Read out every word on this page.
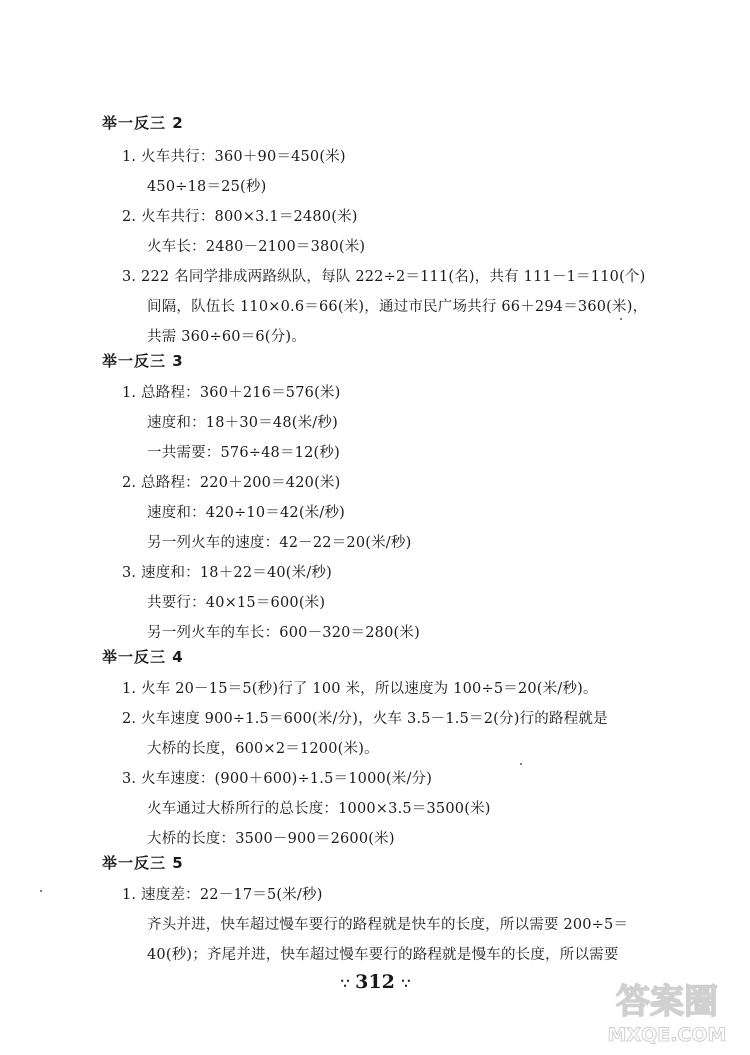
举一反三 2
1. 火车共行：360＋90＝450(米)
450÷18＝25(秒)
2. 火车共行：800×3.1＝2480(米)
火车长：2480－2100＝380(米)
3. 222 名同学排成两路纵队，每队 222÷2＝111(名)，共有 111－1＝110(个)
间隔，队伍长 110×0.6＝66(米)，通过市民广场共行 66＋294＝360(米)，
共需 360÷60＝6(分)。
举一反三 3
1. 总路程：360＋216＝576(米)
速度和：18＋30＝48(米/秒)
一共需要：576÷48＝12(秒)
2. 总路程：220＋200＝420(米)
速度和：420÷10＝42(米/秒)
另一列火车的速度：42－22＝20(米/秒)
3. 速度和：18＋22＝40(米/秒)
共要行：40×15＝600(米)
另一列火车的车长：600－320＝280(米)
举一反三 4
1. 火车 20－15＝5(秒)行了 100 米，所以速度为 100÷5＝20(米/秒)。
2. 火车速度 900÷1.5＝600(米/分)，火车 3.5－1.5＝2(分)行的路程就是
大桥的长度，600×2＝1200(米)。
3. 火车速度：(900＋600)÷1.5＝1000(米/分)
火车通过大桥所行的总长度：1000×3.5＝3500(米)
大桥的长度：3500－900＝2600(米)
举一反三 5
1. 速度差：22－17＝5(米/秒)
齐头并进，快车超过慢车要行的路程就是快车的长度，所以需要 200÷5＝
40(秒)；齐尾并进，快车超过慢车要行的路程就是慢车的长度，所以需要
∵ 312 ∵	答案圈
MXQE.COM
